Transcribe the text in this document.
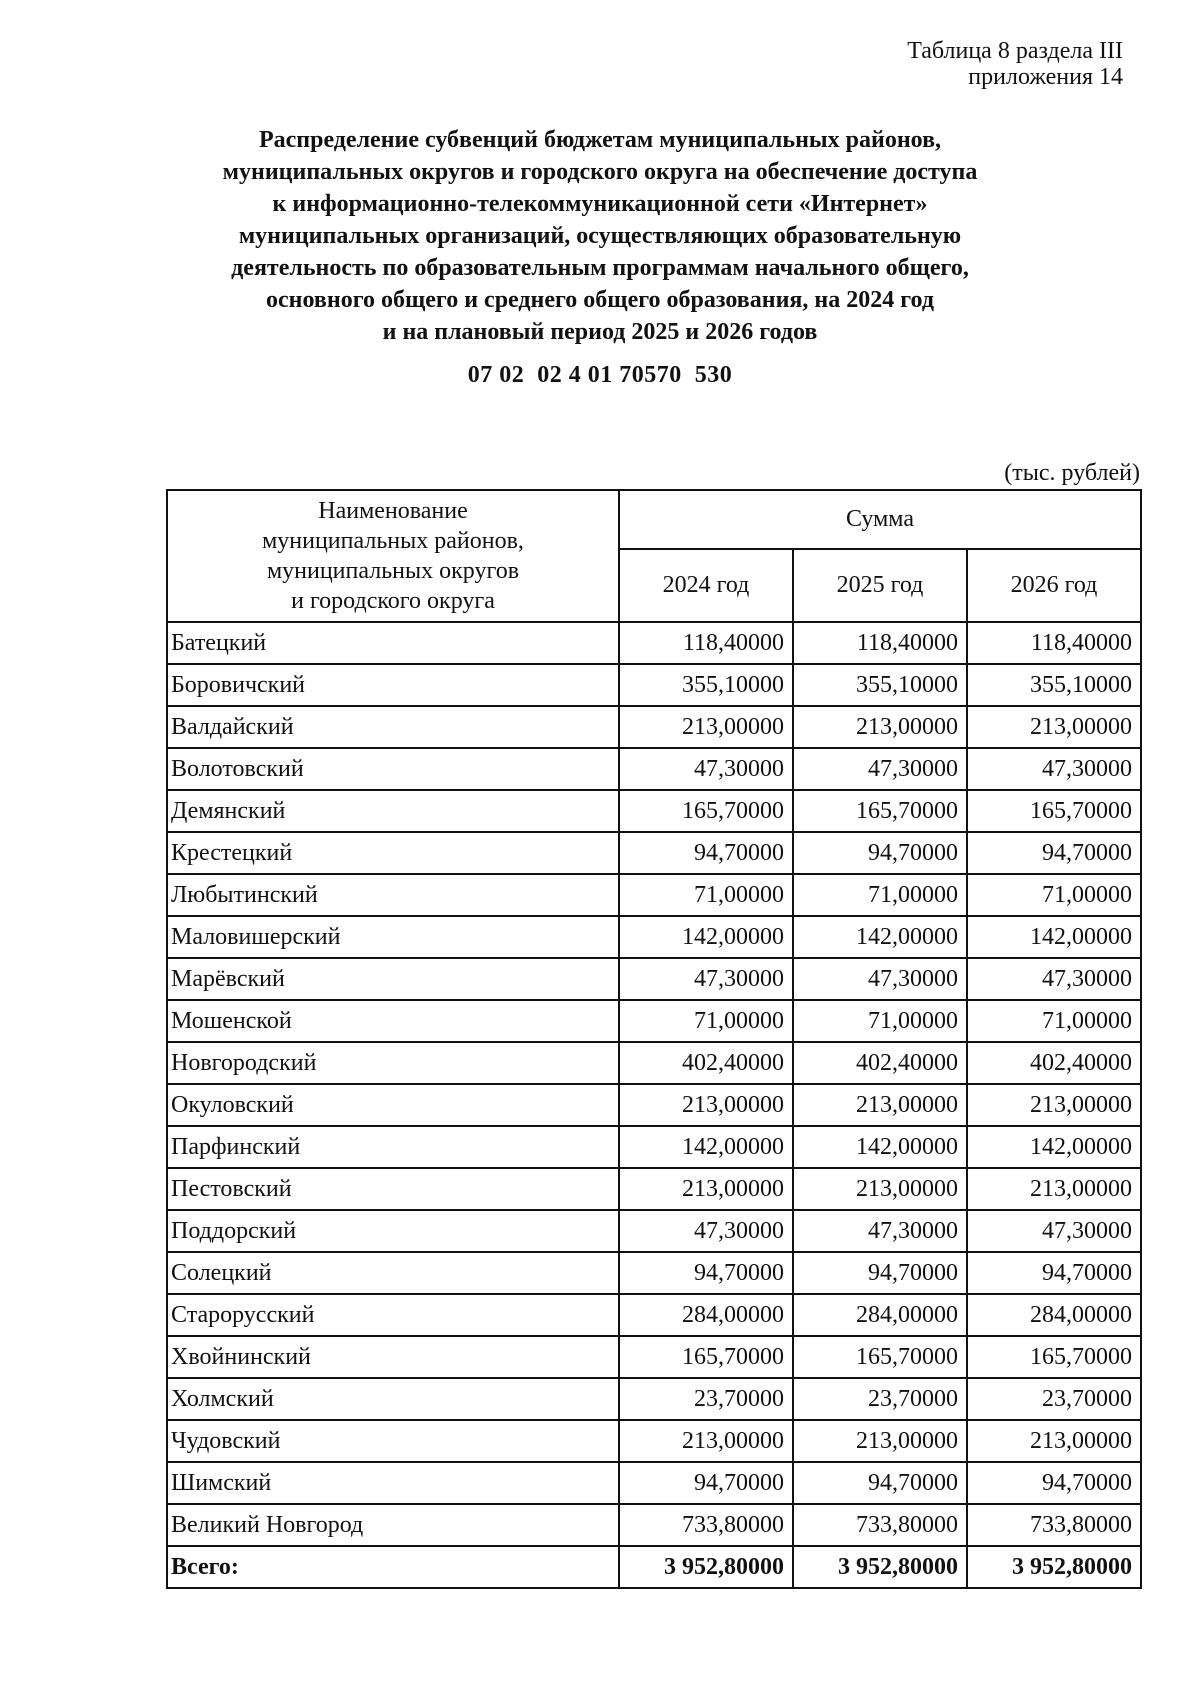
Таблица 8 раздела III
приложения 14
Распределение субвенций бюджетам муниципальных районов,
муниципальных округов и городского округа на обеспечение доступа
к информационно-телекоммуникационной сети «Интернет»
муниципальных организаций, осуществляющих образовательную
деятельность по образовательным программам начального общего,
основного общего и среднего общего образования, на 2024 год
и на плановый период 2025 и 2026 годов
07 02  02 4 01 70570  530
(тыс. рублей)
Наименование
муниципальных районов,
муниципальных округов
и городского округа	Сумма		
	2024 год	2025 год	2026 год
Батецкий	118,40000	118,40000	118,40000
Боровичский	355,10000	355,10000	355,10000
Валдайский	213,00000	213,00000	213,00000
Волотовский	47,30000	47,30000	47,30000
Демянский	165,70000	165,70000	165,70000
Крестецкий	94,70000	94,70000	94,70000
Любытинский	71,00000	71,00000	71,00000
Маловишерский	142,00000	142,00000	142,00000
Марёвский	47,30000	47,30000	47,30000
Мошенской	71,00000	71,00000	71,00000
Новгородский	402,40000	402,40000	402,40000
Окуловский	213,00000	213,00000	213,00000
Парфинский	142,00000	142,00000	142,00000
Пестовский	213,00000	213,00000	213,00000
Поддорский	47,30000	47,30000	47,30000
Солецкий	94,70000	94,70000	94,70000
Старорусский	284,00000	284,00000	284,00000
Хвойнинский	165,70000	165,70000	165,70000
Холмский	23,70000	23,70000	23,70000
Чудовский	213,00000	213,00000	213,00000
Шимский	94,70000	94,70000	94,70000
Великий Новгород	733,80000	733,80000	733,80000
Всего:	3 952,80000	3 952,80000	3 952,80000
